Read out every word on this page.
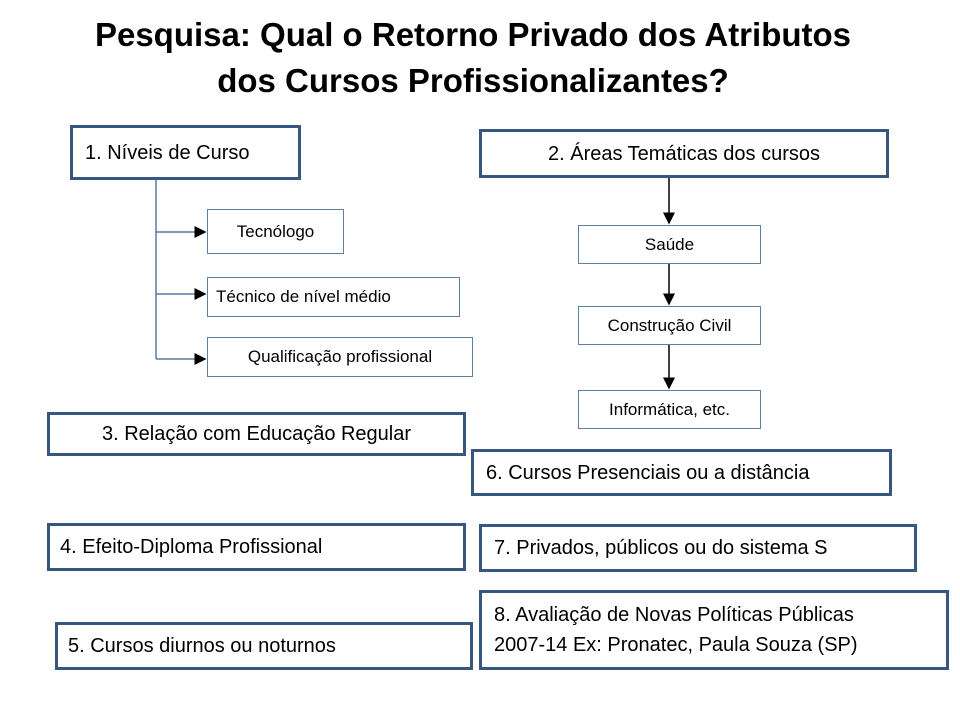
Pesquisa: Qual o Retorno Privado dos Atributos
dos Cursos Profissionalizantes?
1. Níveis de Curso	2. Áreas Temáticas dos cursos
Tecnólogo
Técnico de nível médio
Qualificação profissional
Saúde
Construção Civil
Informática, etc.
3. Relação com Educação Regular
6. Cursos Presenciais ou a distância
4. Efeito-Diploma Profissional	7. Privados, públicos ou do sistema S
5. Cursos diurnos ou noturnos
8. Avaliação de Novas Políticas Públicas
2007-14 Ex: Pronatec, Paula Souza (SP)
